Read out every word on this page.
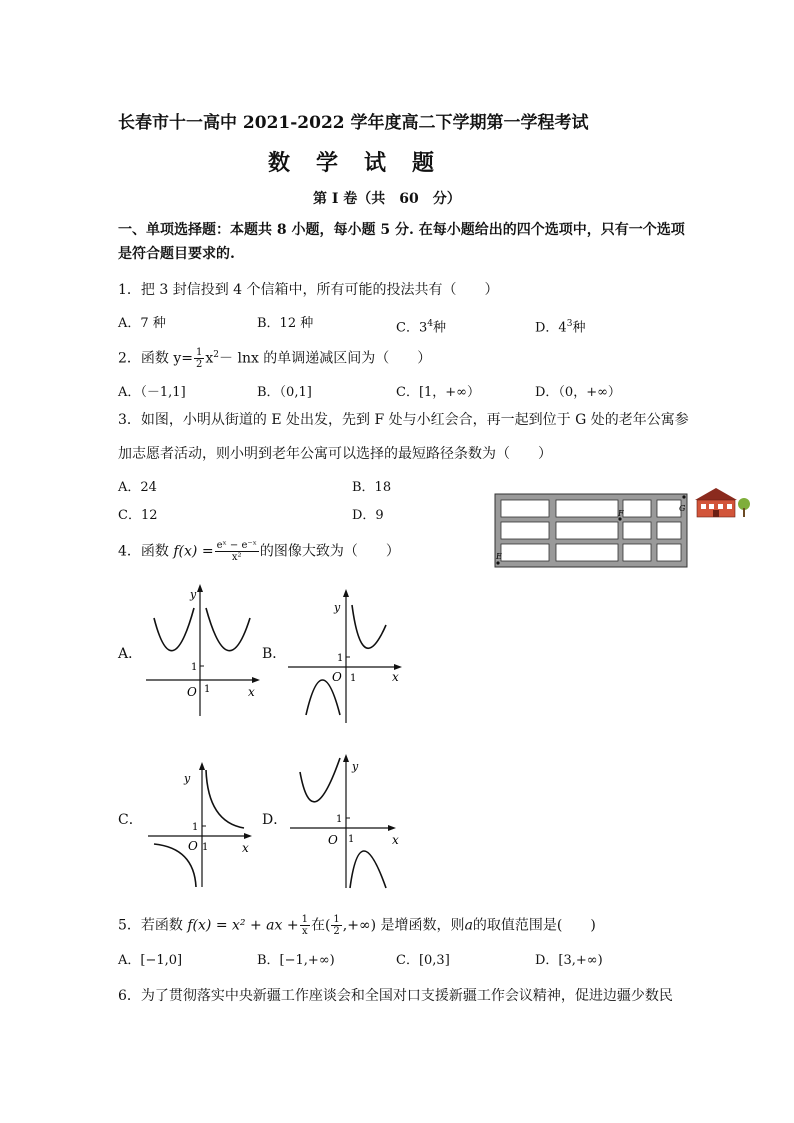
长春市十一高中 2021-2022 学年度高二下学期第一学程考试
数　学　试　题
第 I 卷（共　60　分）
一、单项选择题：本题共 8 小题，每小题 5 分. 在每小题给出的四个选项中，只有一个选项
是符合题目要求的.
1．把 3 封信投到 4 个信箱中，所有可能的投法共有（　　）
A．7 种	B．12 种	C．$3^4$种	D．$4^3$种
2．函数 $y= \frac{1}{2} x^2- \ln x$ 的单调递减区间为（　　）
A．（－1,1]	B．（0,1]	C．[1，+∞）	D．（0，+∞）
3．如图，小明从街道的 E 处出发，先到 F 处与小红会合，再一起到位于 G 处的老年公寓参
加志愿者活动，则小明到老年公寓可以选择的最短路径条数为（　　）
A．24	B．18
C．12	D．9
E
F
G
4．函数 $f(x) = \frac{\text{eˣ − e⁻ˣ}}{\text{x²}}$ 的图像大致为（　　）
A．
y
x
O 1
1
B．
y
x
O 1
1
C．
y
x
O 1
1	D．
y
x
O 1
1
5．若函数 f(x) = x² + ax + $\frac{1}{x}$ 在( $\frac{1}{2}$ ,+∞) 是增函数，则a的取值范围是(　　)
A．[−1,0]	B．[−1,+∞)	C．[0,3]	D．[3,+∞)
6．为了贯彻落实中央新疆工作座谈会和全国对口支援新疆工作会议精神，促进边疆少数民
